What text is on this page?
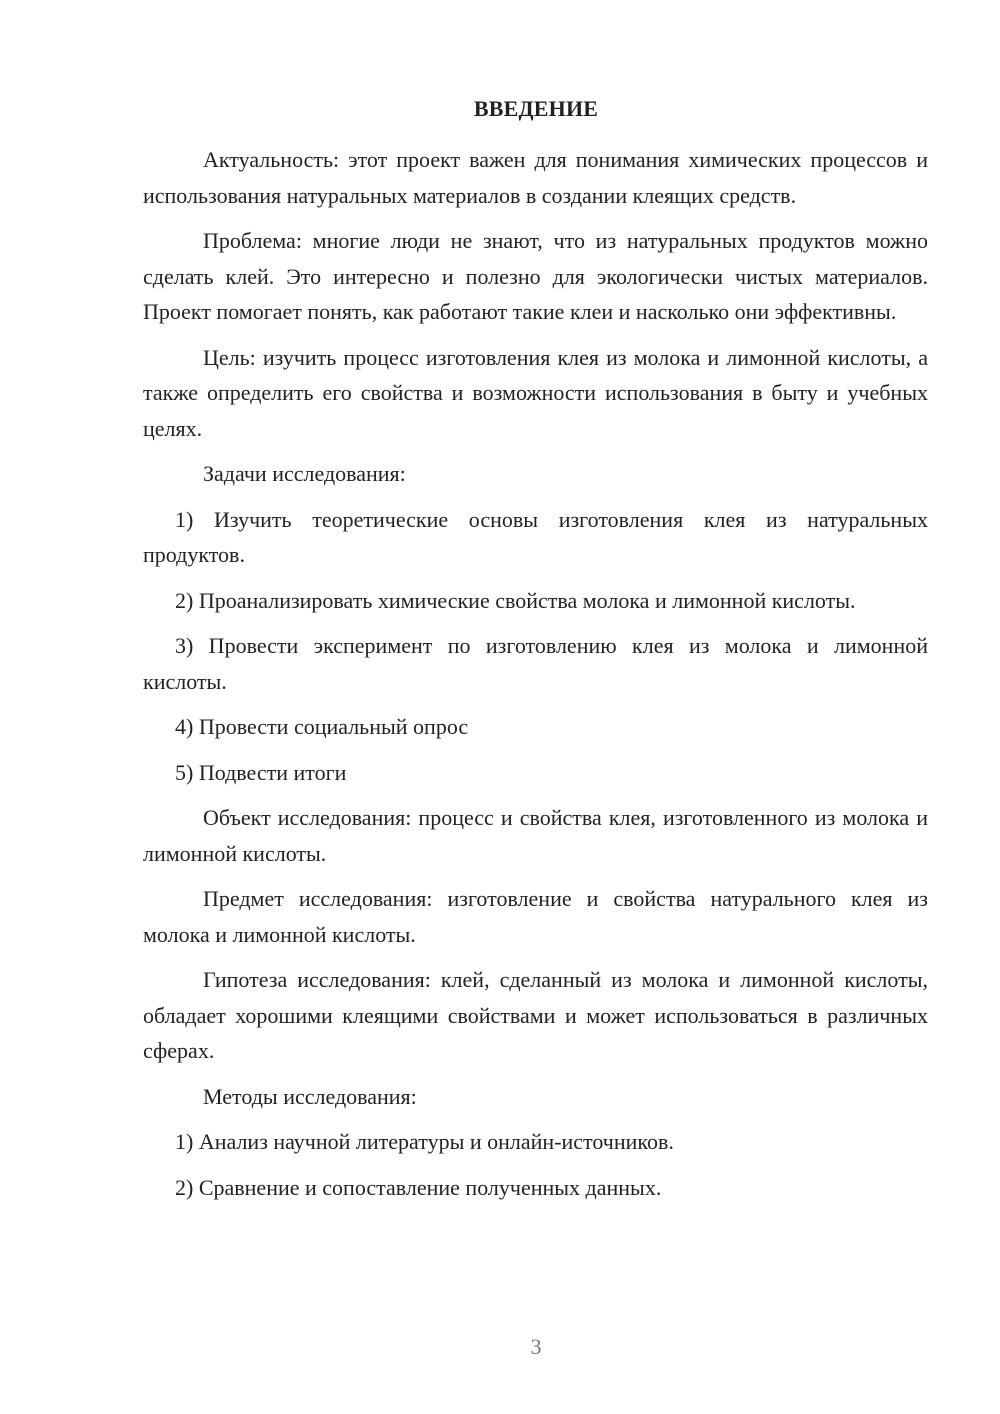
ВВЕДЕНИЕ

Актуальность: этот проект важен для понимания химических процессов и использования натуральных материалов в создании клеящих средств.

Проблема: многие люди не знают, что из натуральных продуктов можно сделать клей. Это интересно и полезно для экологически чистых материалов. Проект помогает понять, как работают такие клеи и насколько они эффективны.

Цель: изучить процесс изготовления клея из молока и лимонной кислоты, а также определить его свойства и возможности использования в быту и учебных целях.

Задачи исследования:

1) Изучить теоретические основы изготовления клея из натуральных продуктов.

2) Проанализировать химические свойства молока и лимонной кислоты.

3) Провести эксперимент по изготовлению клея из молока и лимонной кислоты.

4) Провести социальный опрос

5) Подвести итоги

Объект исследования: процесс и свойства клея, изготовленного из молока и лимонной кислоты.

Предмет исследования: изготовление и свойства натурального клея из молока и лимонной кислоты.

Гипотеза исследования: клей, сделанный из молока и лимонной кислоты, обладает хорошими клеящими свойствами и может использоваться в различных сферах.

Методы исследования:

1) Анализ научной литературы и онлайн-источников.

2) Сравнение и сопоставление полученных данных.

3
